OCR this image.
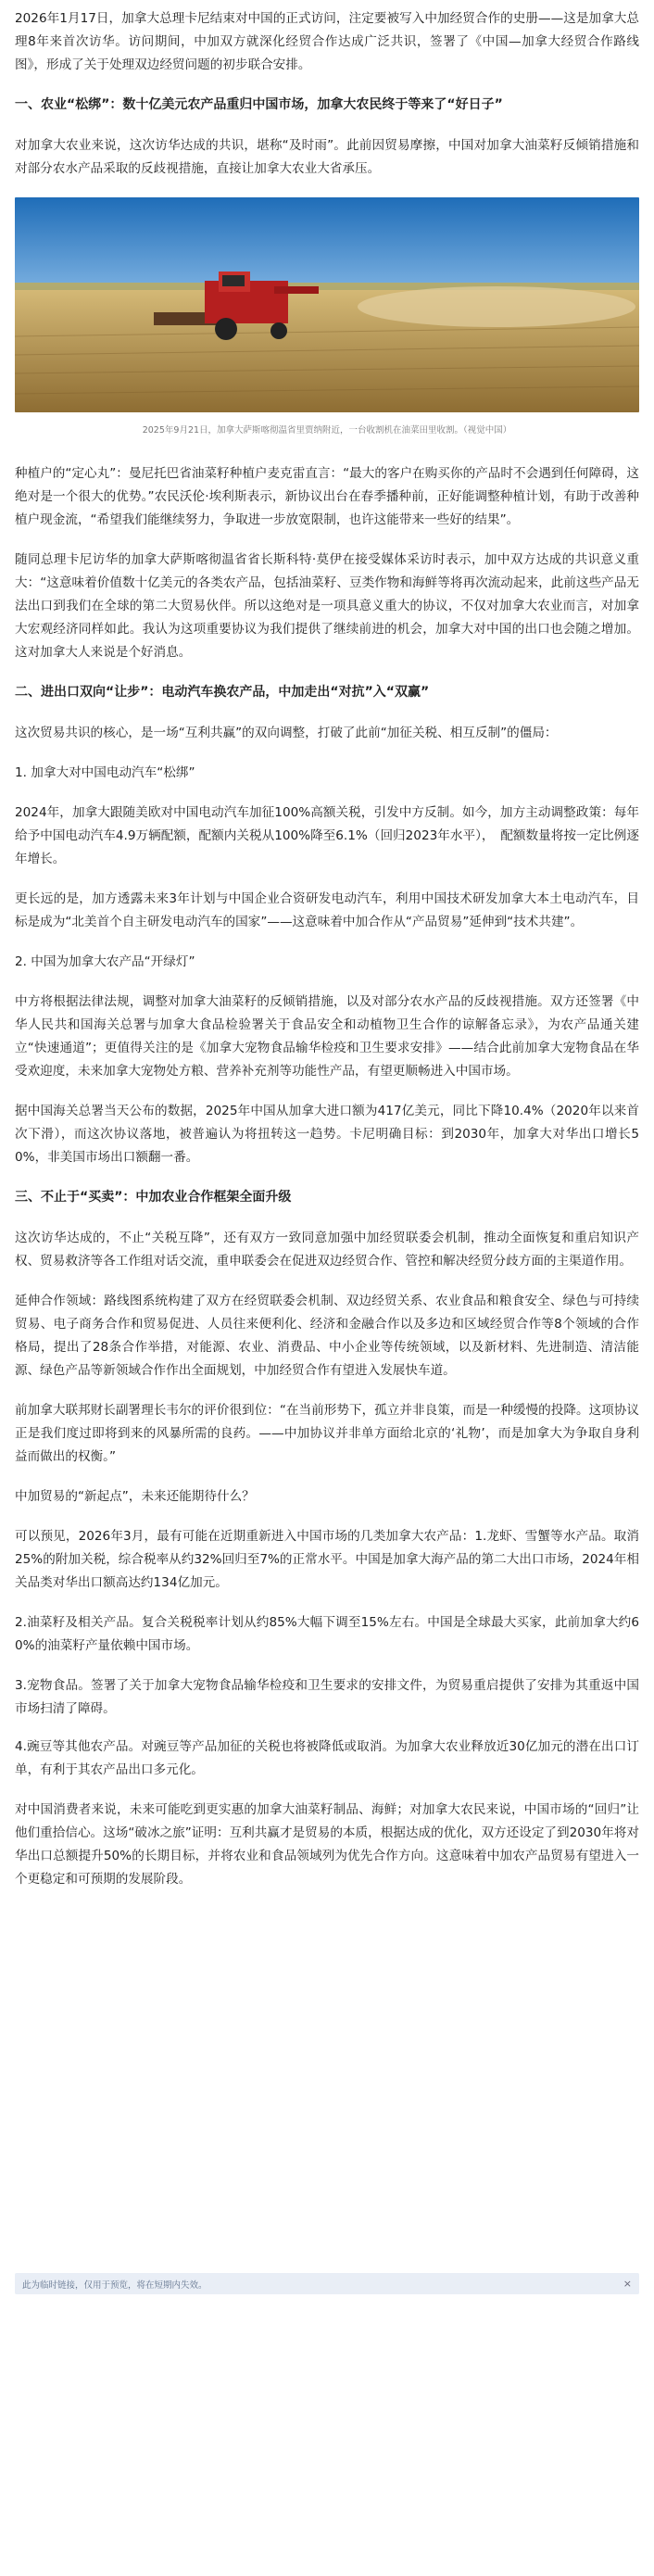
2026年1月17日，加拿大总理卡尼结束对中国的正式访问，注定要被写入中加经贸合作的史册——这是加拿大总理8年来首次访华。访问期间，中加双方就深化经贸合作达成广泛共识，签署了《中国—加拿大经贸合作路线图》，形成了关于处理双边经贸问题的初步联合安排。

一、农业“松绑”：数十亿美元农产品重归中国市场，加拿大农民终于等来了“好日子”

对加拿大农业来说，这次访华达成的共识，堪称“及时雨”。此前因贸易摩擦，中国对加拿大油菜籽反倾销措施和对部分农水产品采取的反歧视措施，直接让加拿大农业大省承压。

2025年9月21日，加拿大萨斯喀彻温省里贾纳附近，一台收割机在油菜田里收割。（视觉中国）

种植户的“定心丸”：曼尼托巴省油菜籽种植户麦克雷直言：“最大的客户在购买你的产品时不会遇到任何障碍，这绝对是一个很大的优势。”农民沃伦·埃利斯表示，新协议出台在春季播种前，正好能调整种植计划，有助于改善种植户现金流，“希望我们能继续努力，争取进一步放宽限制，也许这能带来一些好的结果”。

随同总理卡尼访华的加拿大萨斯喀彻温省省长斯科特·莫伊在接受媒体采访时表示，加中双方达成的共识意义重大：“这意味着价值数十亿美元的各类农产品，包括油菜籽、豆类作物和海鲜等将再次流动起来，此前这些产品无法出口到我们在全球的第二大贸易伙伴。所以这绝对是一项具意义重大的协议，不仅对加拿大农业而言，对加拿大宏观经济同样如此。我认为这项重要协议为我们提供了继续前进的机会，加拿大对中国的出口也会随之增加。这对加拿大人来说是个好消息。

二、进出口双向“让步”：电动汽车换农产品，中加走出“对抗”入“双赢”

这次贸易共识的核心，是一场“互利共赢”的双向调整，打破了此前“加征关税、相互反制”的僵局：

1. 加拿大对中国电动汽车“松绑”

2024年，加拿大跟随美欧对中国电动汽车加征100%高额关税，引发中方反制。如今，加方主动调整政策：每年给予中国电动汽车4.9万辆配额，配额内关税从100%降至6.1%（回归2023年水平），　配额数量将按一定比例逐年增长。

更长远的是，加方透露未来3年计划与中国企业合资研发电动汽车，利用中国技术研发加拿大本土电动汽车，目标是成为“北美首个自主研发电动汽车的国家”——这意味着中加合作从“产品贸易”延伸到“技术共建”。

2. 中国为加拿大农产品“开绿灯”

中方将根据法律法规，调整对加拿大油菜籽的反倾销措施，以及对部分农水产品的反歧视措施。双方还签署《中华人民共和国海关总署与加拿大食品检验署关于食品安全和动植物卫生合作的谅解备忘录》，为农产品通关建立“快速通道”；更值得关注的是《加拿大宠物食品输华检疫和卫生要求安排》——结合此前加拿大宠物食品在华受欢迎度，未来加拿大宠物处方粮、营养补充剂等功能性产品，有望更顺畅进入中国市场。

据中国海关总署当天公布的数据，2025年中国从加拿大进口额为417亿美元，同比下降10.4%（2020年以来首次下滑），而这次协议落地，被普遍认为将扭转这一趋势。卡尼明确目标：到2030年，加拿大对华出口增长50%，非美国市场出口额翻一番。

三、不止于“买卖”：中加农业合作框架全面升级

这次访华达成的，不止“关税互降”，还有双方一致同意加强中加经贸联委会机制，推动全面恢复和重启知识产权、贸易救济等各工作组对话交流，重申联委会在促进双边经贸合作、管控和解决经贸分歧方面的主渠道作用。

延伸合作领域：路线图系统构建了双方在经贸联委会机制、双边经贸关系、农业食品和粮食安全、绿色与可持续贸易、电子商务合作和贸易促进、人员往来便利化、经济和金融合作以及多边和区域经贸合作等8个领域的合作格局，提出了28条合作举措，对能源、农业、消费品、中小企业等传统领域，以及新材料、先进制造、清洁能源、绿色产品等新领域合作作出全面规划，中加经贸合作有望进入发展快车道。

前加拿大联邦财长副署理长韦尔的评价很到位：“在当前形势下，孤立并非良策，而是一种缓慢的投降。这项协议正是我们度过即将到来的风暴所需的良药。——中加协议并非单方面给北京的‘礼物’，而是加拿大为争取自身利益而做出的权衡。”

中加贸易的“新起点”，未来还能期待什么？

可以预见，2026年3月，最有可能在近期重新进入中国市场的几类加拿大农产品：1.龙虾、雪蟹等水产品。取消25%的附加关税，综合税率从约32%回归至7%的正常水平。中国是加拿大海产品的第二大出口市场，2024年相关品类对华出口额高达约134亿加元。

2.油菜籽及相关产品。复合关税税率计划从约85%大幅下调至15%左右。中国是全球最大买家，此前加拿大约60%的油菜籽产量依赖中国市场。

3.宠物食品。签署了关于加拿大宠物食品输华检疫和卫生要求的安排文件，为贸易重启提供了安排为其重返中国市场扫清了障碍。

4.豌豆等其他农产品。对豌豆等产品加征的关税也将被降低或取消。为加拿大农业释放近30亿加元的潜在出口订单，有利于其农产品出口多元化。

对中国消费者来说，未来可能吃到更实惠的加拿大油菜籽制品、海鲜；对加拿大农民来说，中国市场的“回归”让他们重拾信心。这场“破冰之旅”证明：互利共赢才是贸易的本质，根据达成的优化，双方还设定了到2030年将对华出口总额提升50%的长期目标，并将农业和食品领域列为优先合作方向。这意味着中加农产品贸易有望进入一个更稳定和可预期的发展阶段。

此为临时链接，仅用于预览，将在短期内失效。	×
